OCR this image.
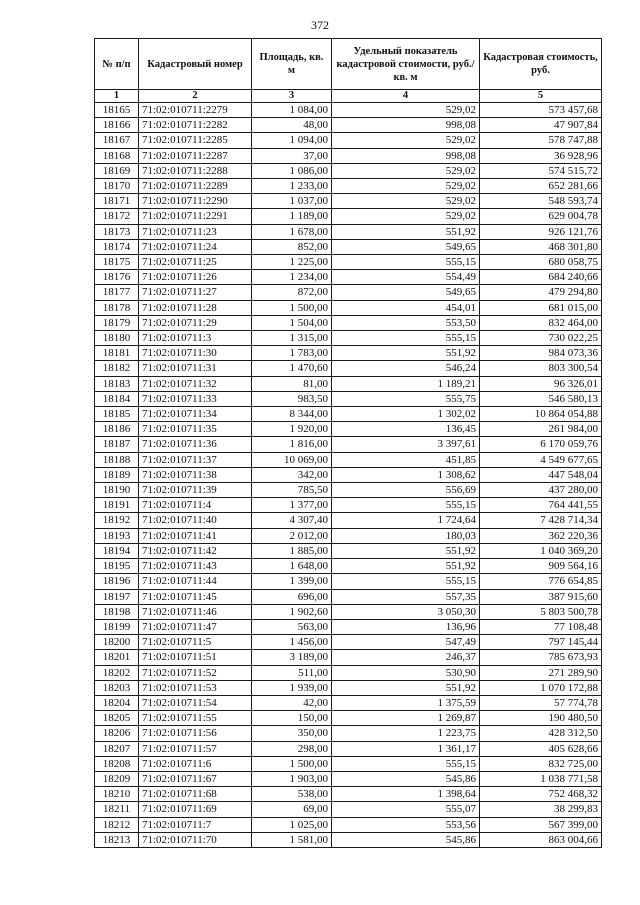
372
№ п/п	Кадастровый номер	Площадь, кв. м	Удельный показатель кадастровой стоимости, руб./кв. м	Кадастровая стоимость, руб.
1	2	3	4	5
18165	71:02:010711:2279	1 084,00	529,02	573 457,68
18166	71:02:010711:2282	48,00	998,08	47 907,84
18167	71:02:010711:2285	1 094,00	529,02	578 747,88
18168	71:02:010711:2287	37,00	998,08	36 928,96
18169	71:02:010711:2288	1 086,00	529,02	574 515,72
18170	71:02:010711:2289	1 233,00	529,02	652 281,66
18171	71:02:010711:2290	1 037,00	529,02	548 593,74
18172	71:02:010711:2291	1 189,00	529,02	629 004,78
18173	71:02:010711:23	1 678,00	551,92	926 121,76
18174	71:02:010711:24	852,00	549,65	468 301,80
18175	71:02:010711:25	1 225,00	555,15	680 058,75
18176	71:02:010711:26	1 234,00	554,49	684 240,66
18177	71:02:010711:27	872,00	549,65	479 294,80
18178	71:02:010711:28	1 500,00	454,01	681 015,00
18179	71:02:010711:29	1 504,00	553,50	832 464,00
18180	71:02:010711:3	1 315,00	555,15	730 022,25
18181	71:02:010711:30	1 783,00	551,92	984 073,36
18182	71:02:010711:31	1 470,60	546,24	803 300,54
18183	71:02:010711:32	81,00	1 189,21	96 326,01
18184	71:02:010711:33	983,50	555,75	546 580,13
18185	71:02:010711:34	8 344,00	1 302,02	10 864 054,88
18186	71:02:010711:35	1 920,00	136,45	261 984,00
18187	71:02:010711:36	1 816,00	3 397,61	6 170 059,76
18188	71:02:010711:37	10 069,00	451,85	4 549 677,65
18189	71:02:010711:38	342,00	1 308,62	447 548,04
18190	71:02:010711:39	785,50	556,69	437 280,00
18191	71:02:010711:4	1 377,00	555,15	764 441,55
18192	71:02:010711:40	4 307,40	1 724,64	7 428 714,34
18193	71:02:010711:41	2 012,00	180,03	362 220,36
18194	71:02:010711:42	1 885,00	551,92	1 040 369,20
18195	71:02:010711:43	1 648,00	551,92	909 564,16
18196	71:02:010711:44	1 399,00	555,15	776 654,85
18197	71:02:010711:45	696,00	557,35	387 915,60
18198	71:02:010711:46	1 902,60	3 050,30	5 803 500,78
18199	71:02:010711:47	563,00	136,96	77 108,48
18200	71:02:010711:5	1 456,00	547,49	797 145,44
18201	71:02:010711:51	3 189,00	246,37	785 673,93
18202	71:02:010711:52	511,00	530,90	271 289,90
18203	71:02:010711:53	1 939,00	551,92	1 070 172,88
18204	71:02:010711:54	42,00	1 375,59	57 774,78
18205	71:02:010711:55	150,00	1 269,87	190 480,50
18206	71:02:010711:56	350,00	1 223,75	428 312,50
18207	71:02:010711:57	298,00	1 361,17	405 628,66
18208	71:02:010711:6	1 500,00	555,15	832 725,00
18209	71:02:010711:67	1 903,00	545,86	1 038 771,58
18210	71:02:010711:68	538,00	1 398,64	752 468,32
18211	71:02:010711:69	69,00	555,07	38 299,83
18212	71:02:010711:7	1 025,00	553,56	567 399,00
18213	71:02:010711:70	1 581,00	545,86	863 004,66
